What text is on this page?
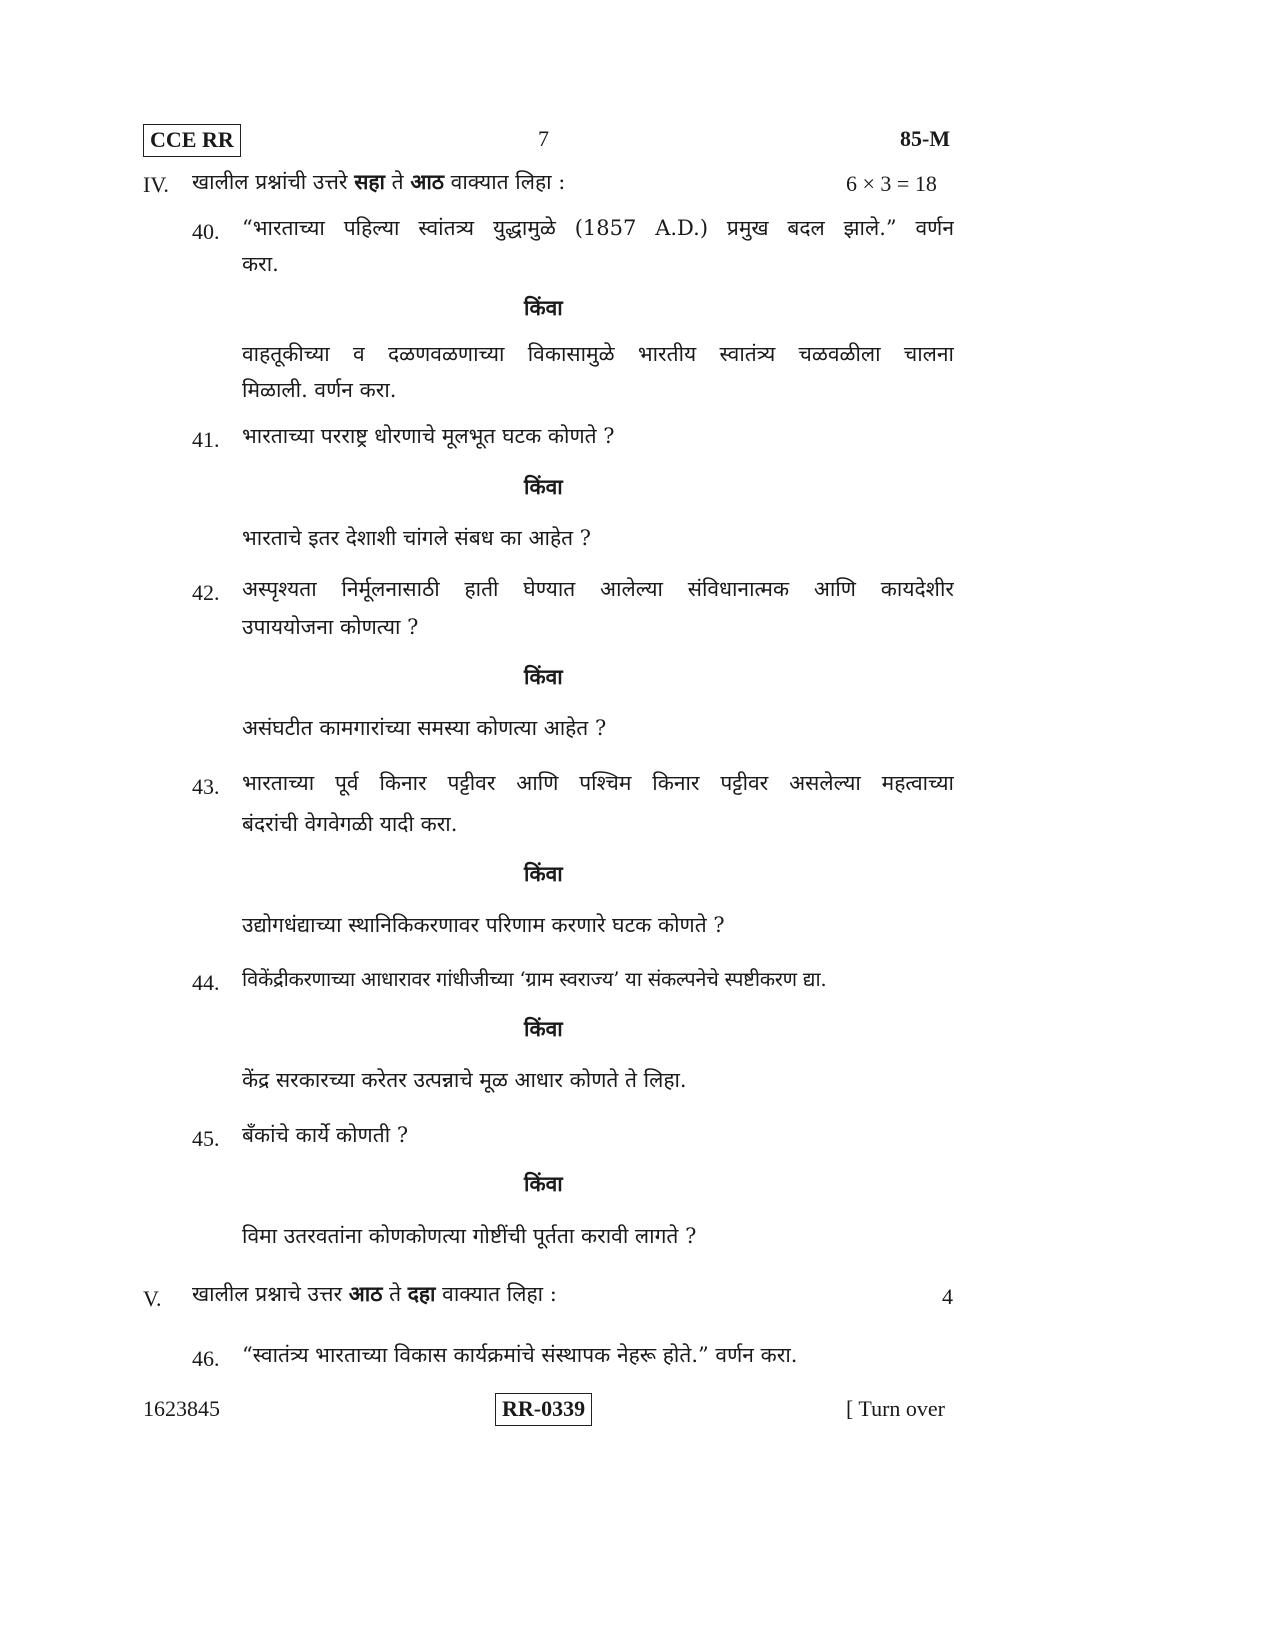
CCE RR	7	85-M
IV. खालील प्रश्नांची उत्तरे सहा ते आठ वाक्यात लिहा :	6 × 3 = 18
40. “भारताच्या पहिल्या स्वांतत्र्य युद्धामुळे (1857 A.D.) प्रमुख बदल झाले.” वर्णन
करा.
किंवा
वाहतूकीच्या व दळणवळणाच्या विकासामुळे भारतीय स्वातंत्र्य चळवळीला चालना
मिळाली. वर्णन करा.
41. भारताच्या परराष्ट्र धोरणाचे मूलभूत घटक कोणते ?
किंवा
भारताचे इतर देशाशी चांगले संबध का आहेत ?
42. अस्पृश्यता निर्मूलनासाठी हाती घेण्यात आलेल्या संविधानात्मक आणि कायदेशीर
उपाययोजना कोणत्या ?
किंवा
असंघटीत कामगारांच्या समस्या कोणत्या आहेत ?
43. भारताच्या पूर्व किनार पट्टीवर आणि पश्चिम किनार पट्टीवर असलेल्या महत्वाच्या
बंदरांची वेगवेगळी यादी करा.
किंवा
उद्योगधंद्याच्या स्थानिकिकरणावर परिणाम करणारे घटक कोणते ?
44. विकेंद्रीकरणाच्या आधारावर गांधीजीच्या ‘ग्राम स्वराज्य’ या संकल्पनेचे स्पष्टीकरण द्या.
किंवा
केंद्र सरकारच्या करेतर उत्पन्नाचे मूळ आधार कोणते ते लिहा.
45. बँकांचे कार्ये कोणती ?
किंवा
विमा उतरवतांना कोणकोणत्या गोष्टींची पूर्तता करावी लागते ?
V. खालील प्रश्नाचे उत्तर आठ ते दहा वाक्यात लिहा :	4
46. “स्वातंत्र्य भारताच्या विकास कार्यक्रमांचे संस्थापक नेहरू होते.” वर्णन करा.
1623845	RR-0339	[ Turn over
